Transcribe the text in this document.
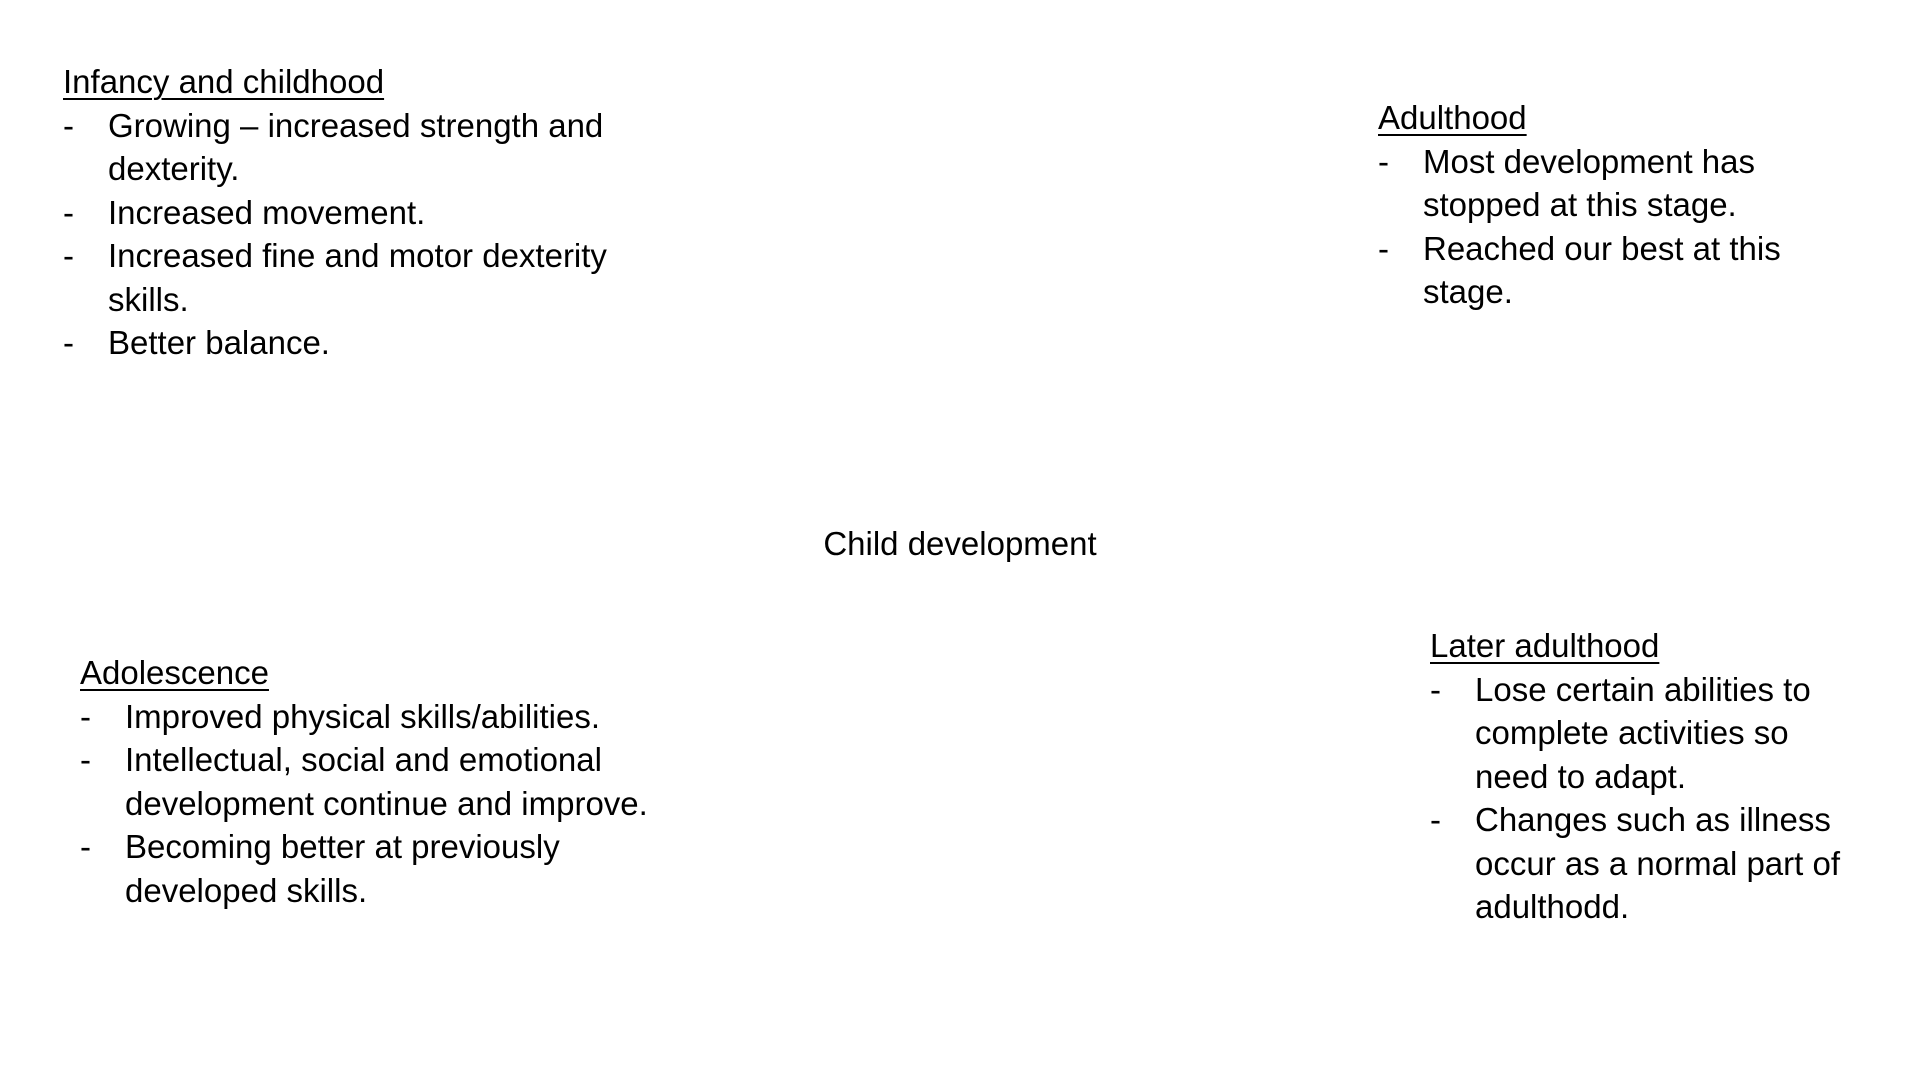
Infancy and childhood
- Growing – increased strength and dexterity.
- Increased movement.
- Increased fine and motor dexterity skills.
- Better balance.
Adulthood
- Most development has stopped at this stage.
- Reached our best at this stage.
Child development
Adolescence
- Improved physical skills/abilities.
- Intellectual, social and emotional development continue and improve.
- Becoming better at previously developed skills.
Later adulthood
- Lose certain abilities to complete activities so need to adapt.
- Changes such as illness occur as a normal part of adulthodd.
